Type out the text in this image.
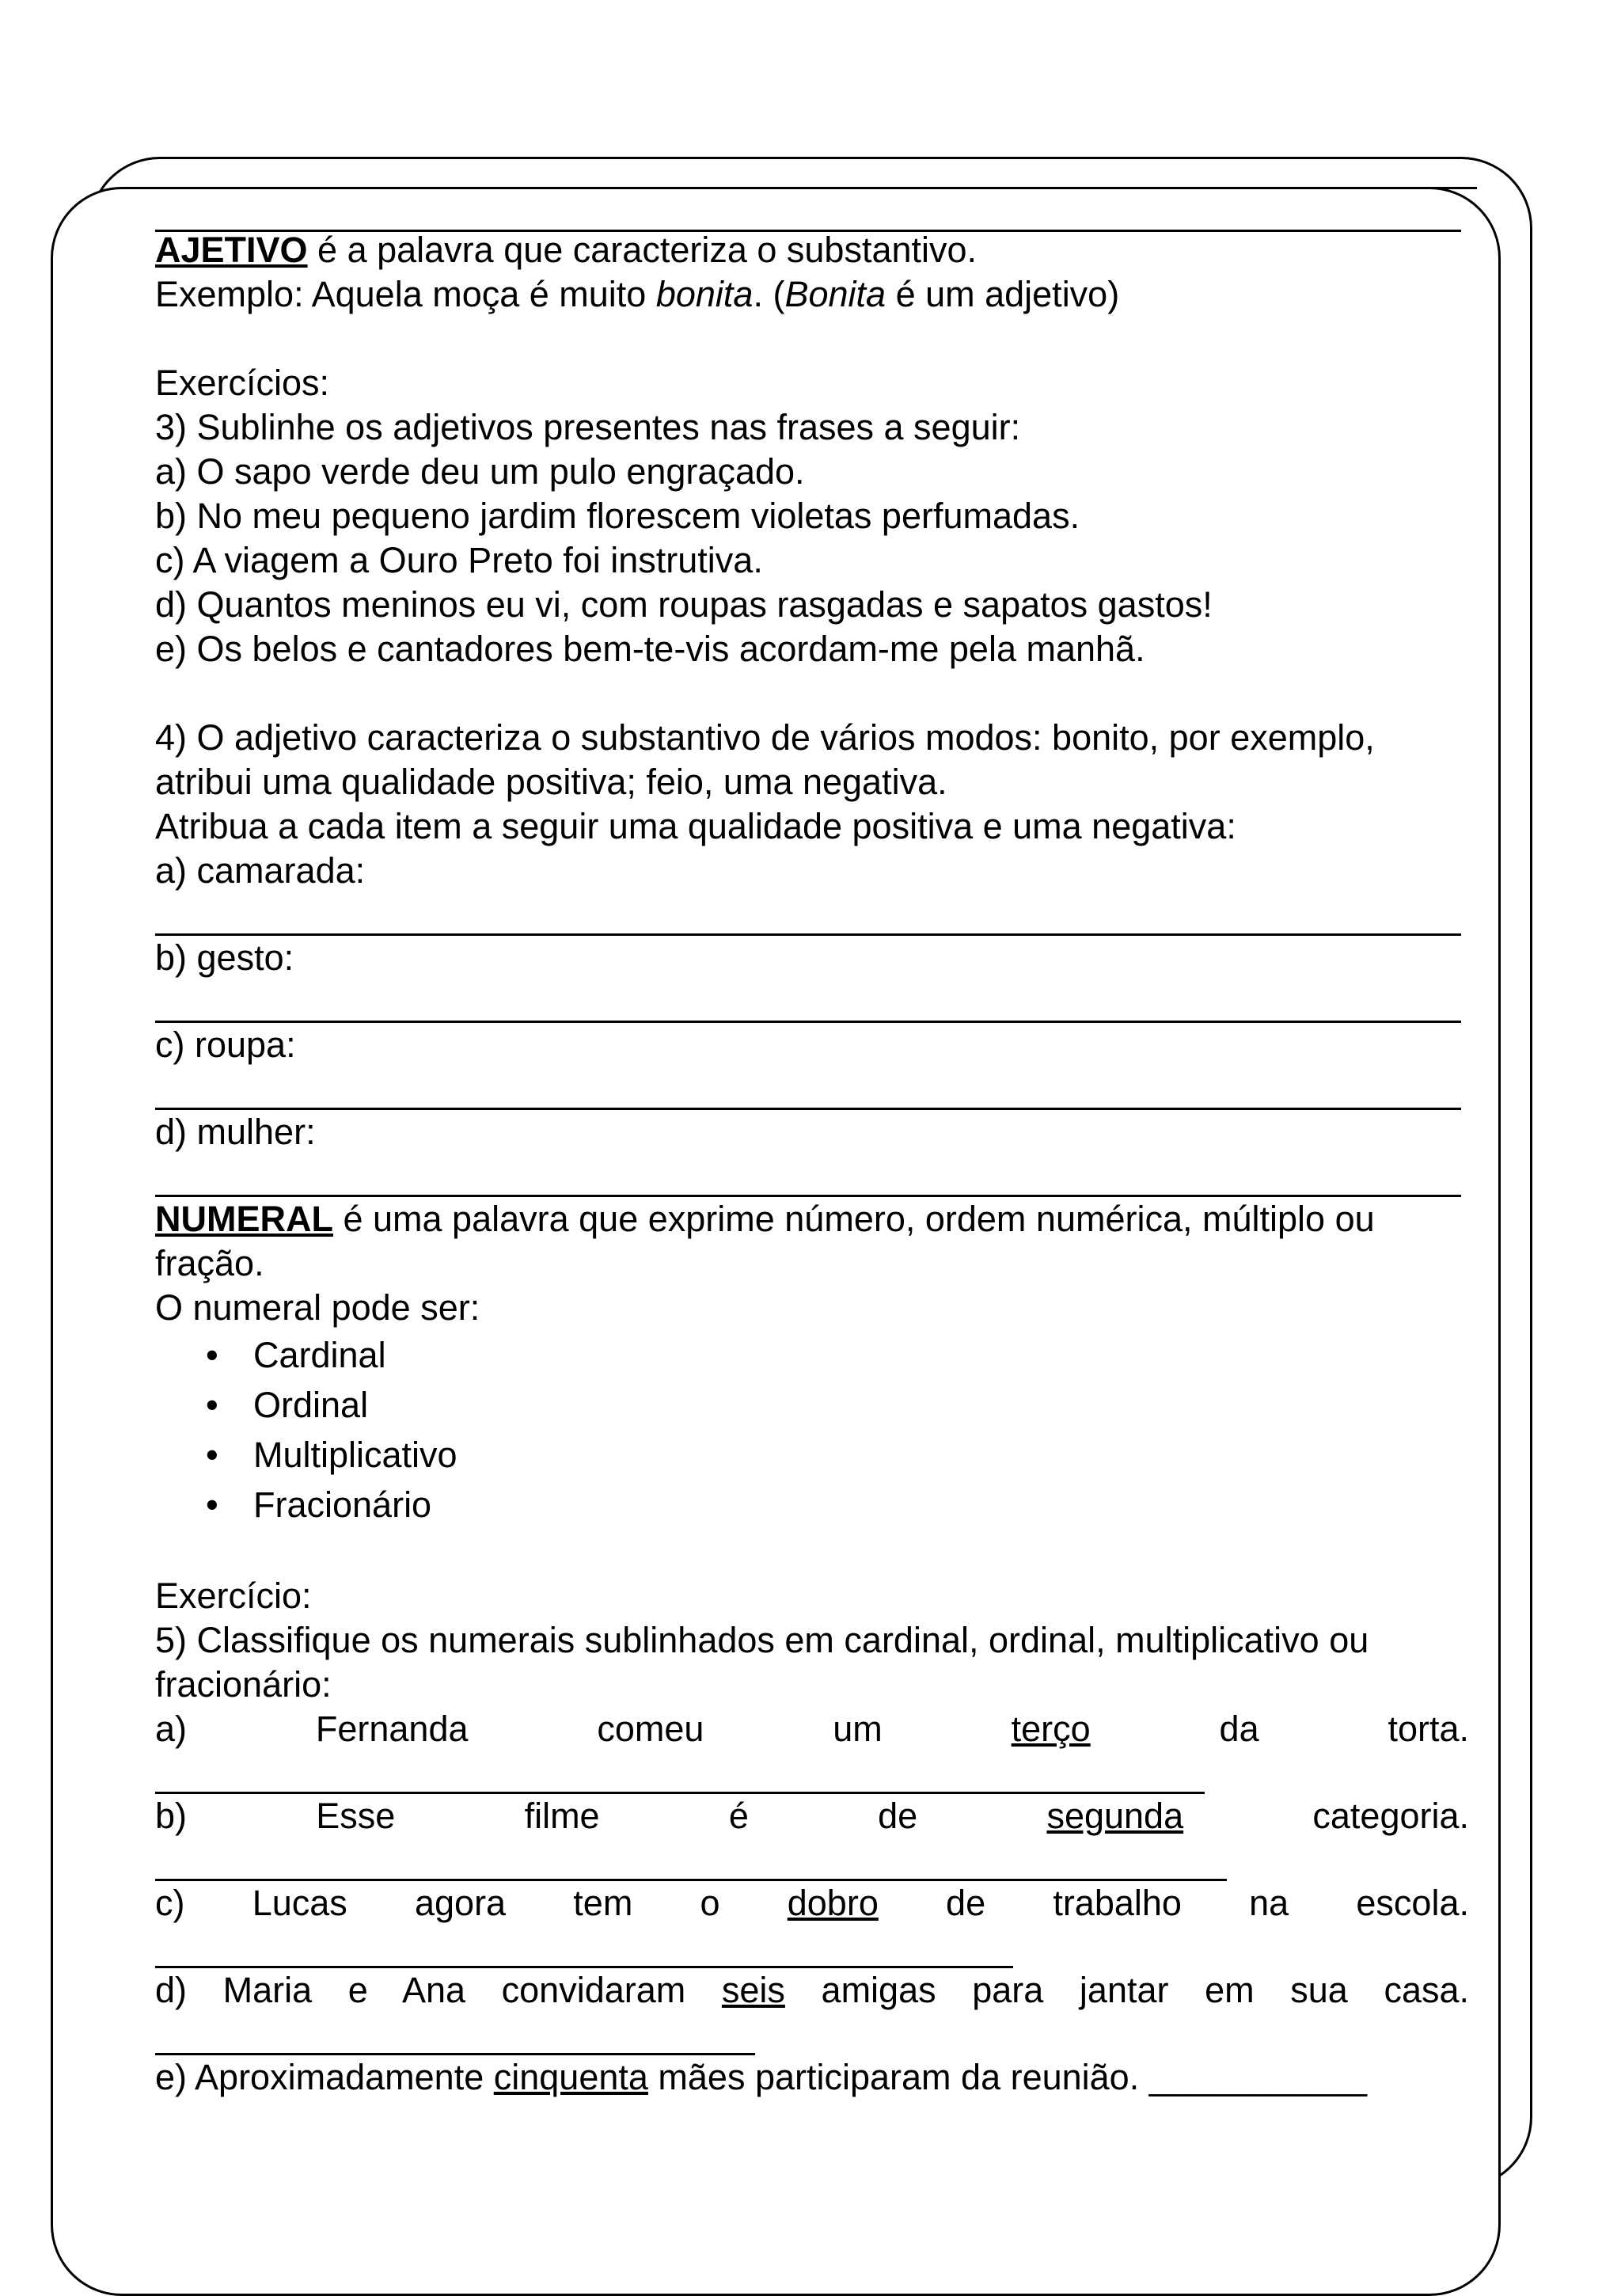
AJETIVO é a palavra que caracteriza o substantivo.

Exemplo: Aquela moça é muito bonita. (Bonita é um adjetivo)

Exercícios:

3) Sublinhe os adjetivos presentes nas frases a seguir:

a) O sapo verde deu um pulo engraçado.

b) No meu pequeno jardim florescem violetas perfumadas.

c) A viagem a Ouro Preto foi instrutiva.

d) Quantos meninos eu vi, com roupas rasgadas e sapatos gastos!

e) Os belos e cantadores bem-te-vis acordam-me pela manhã.

4) O adjetivo caracteriza o substantivo de vários modos: bonito, por exemplo, atribui uma qualidade positiva; feio, uma negativa.

Atribua a cada item a seguir uma qualidade positiva e uma negativa:

a) camarada:

b) gesto:

c) roupa:

d) mulher:

NUMERAL é uma palavra que exprime número, ordem numérica, múltiplo ou fração.

O numeral pode ser:

• Cardinal
• Ordinal
• Multiplicativo
• Fracionário

Exercício:

5) Classifique os numerais sublinhados em cardinal, ordinal, multiplicativo ou fracionário:

a) Fernanda comeu um terço da torta.

b) Esse filme é de segunda categoria.

c) Lucas agora tem o dobro de trabalho na escola.

d) Maria e Ana convidaram seis amigas para jantar em sua casa.

e) Aproximadamente cinquenta mães participaram da reunião. ___________
